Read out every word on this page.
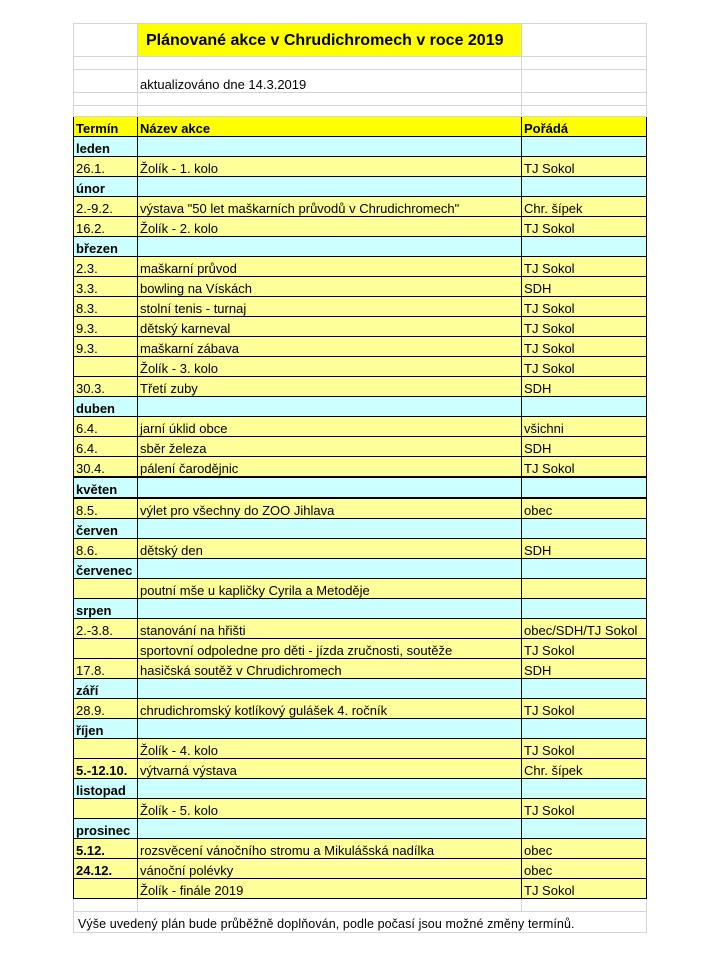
	Plánované akce v Chrudichromech v roce 2019	

	aktualizováno dne 14.3.2019	

Termín	Název akce	Pořádá
leden		
26.1.	Žolík - 1. kolo	TJ Sokol
únor		
2.-9.2.	výstava "50 let maškarních průvodů v Chrudichromech"	Chr. šípek
16.2.	Žolík - 2. kolo	TJ Sokol
březen		
2.3.	maškarní průvod	TJ Sokol
3.3.	bowling na Vískách	SDH
8.3.	stolní tenis - turnaj	TJ Sokol
9.3.	dětský karneval	TJ Sokol
9.3.	maškarní zábava	TJ Sokol
	Žolík - 3. kolo	TJ Sokol
30.3.	Třetí zuby	SDH
duben		
6.4.	jarní úklid obce	všichni
6.4.	sběr železa	SDH
30.4.	pálení čarodějnic	TJ Sokol
květen		
8.5.	výlet pro všechny do ZOO Jihlava	obec
červen		
8.6.	dětský den	SDH
červenec		
	poutní mše u kapličky Cyrila a Metoděje	
srpen		
2.-3.8.	stanování na hřišti	obec/SDH/TJ Sokol
	sportovní odpoledne pro děti - jízda zručnosti, soutěže	TJ Sokol
17.8.	hasičská soutěž v Chrudichromech	SDH
září		
28.9.	chrudichromský kotlíkový gulášek 4. ročník	TJ Sokol
říjen		
	Žolík - 4. kolo	TJ Sokol
5.-12.10.	výtvarná výstava	Chr. šípek
listopad		
	Žolík - 5. kolo	TJ Sokol
prosinec		
5.12.	rozsvěcení vánočního stromu a Mikulášská nadílka	obec
24.12.	vánoční polévky	obec
	Žolík - finále 2019	TJ Sokol

Výše uvedený plán bude průběžně doplňován, podle počasí jsou možné změny termínů.		
